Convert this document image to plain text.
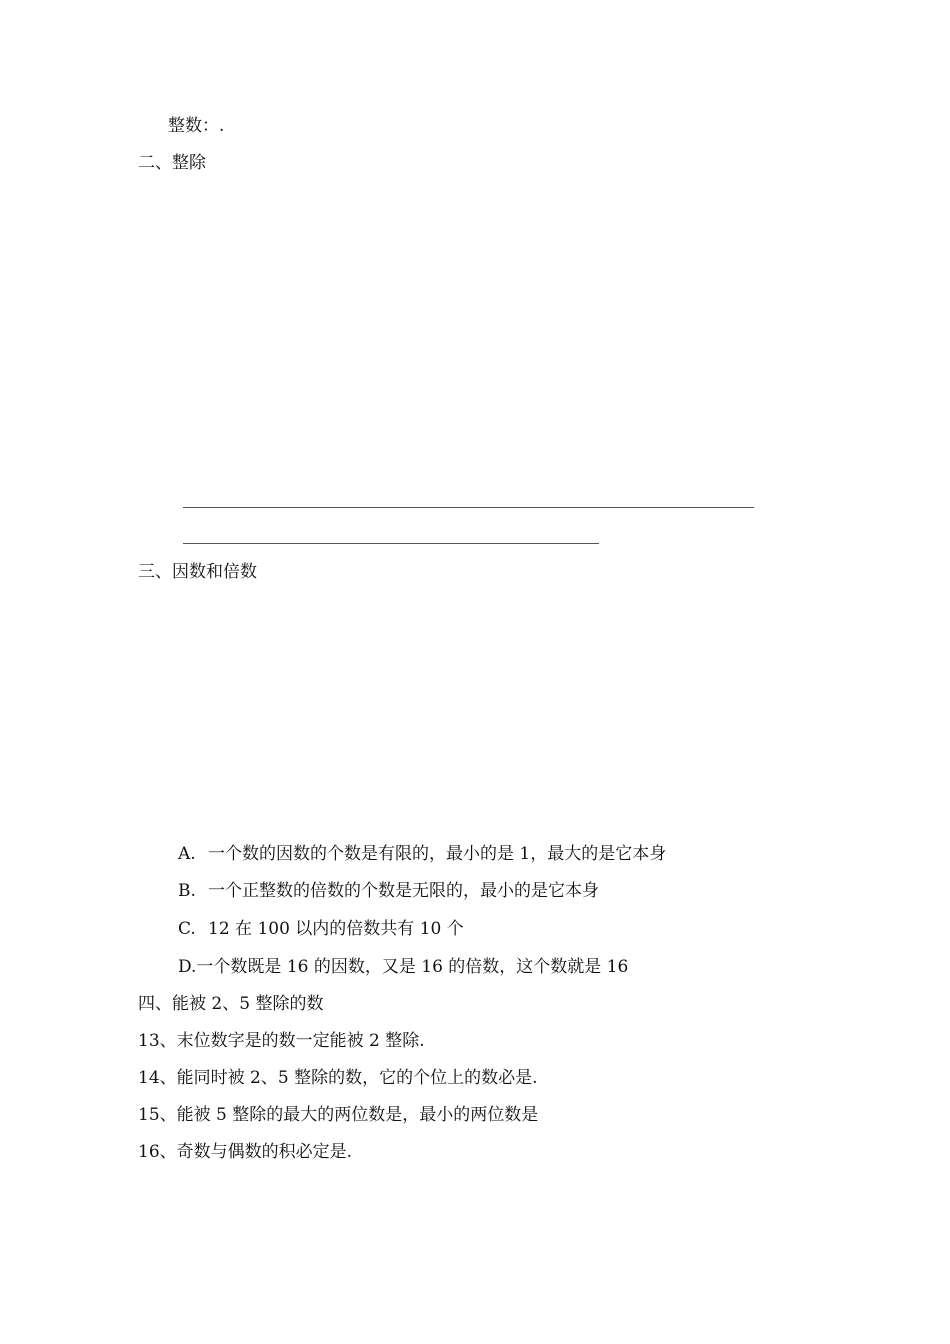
整数：.
二、整除
三、因数和倍数
A. 一个数的因数的个数是有限的，最小的是 1，最大的是它本身
B. 一个正整数的倍数的个数是无限的，最小的是它本身
C. 12 在 100 以内的倍数共有 10 个
D.一个数既是 16 的因数，又是 16 的倍数，这个数就是 16
四、能被 2、5 整除的数
13、末位数字是的数一定能被 2 整除.
14、能同时被 2、5 整除的数，它的个位上的数必是.
15、能被 5 整除的最大的两位数是，最小的两位数是
16、奇数与偶数的积必定是.
